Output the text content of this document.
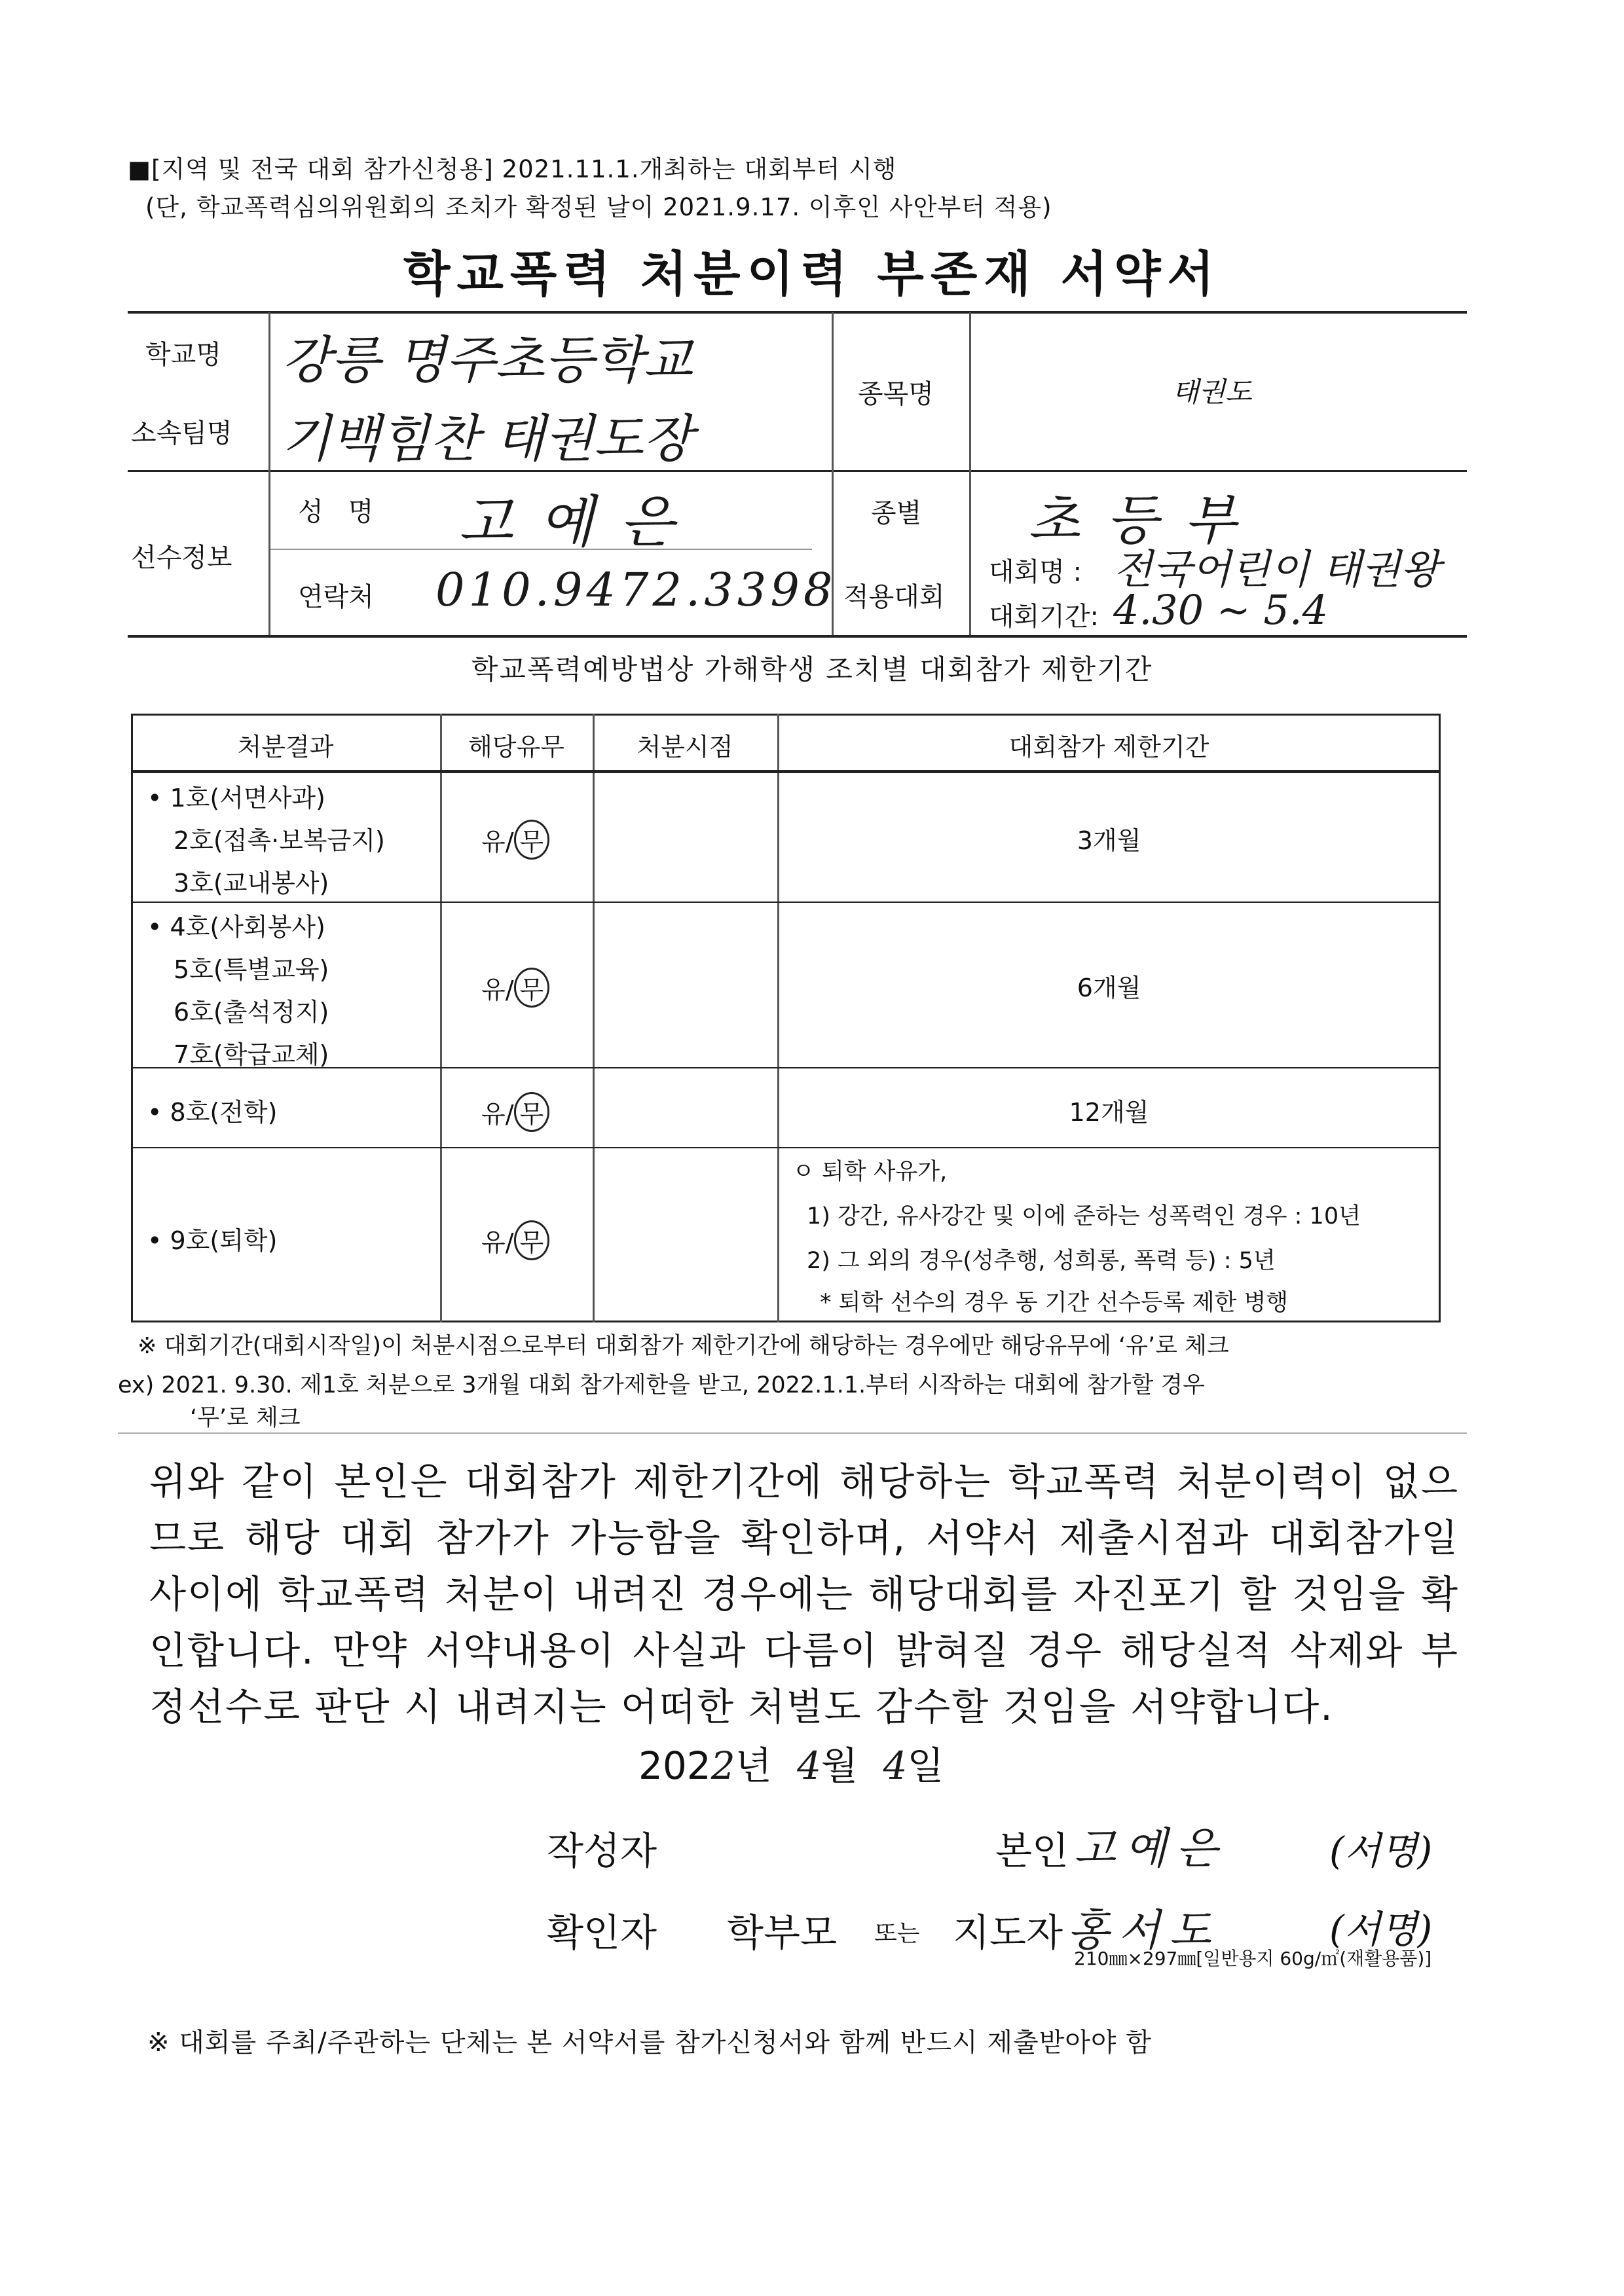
■[지역 및 전국 대회 참가신청용] 2021.11.1.개최하는 대회부터 시행
(단, 학교폭력심의위원회의 조치가 확정된 날이 2021.9.17. 이후인 사안부터 적용)
학교폭력 처분이력 부존재 서약서
학교명 강릉 명주초등학교
소속팀명 기백힘찬 태권도장
종목명	태권도
선수정보
성   명 고예은	종별 초등부
연락처 010.9472.3398 적용대회
대회명 : 전국어린이 태권왕
대회기간: 4.30 ~ 5.4
학교폭력예방법상 가해학생 조치별 대회참가 제한기간
처분결과	해당유무	처분시점	대회참가 제한기간
• 1호(서면사과)
2호(접촉·보복금지)
3호(교내봉사)
유/ 무	3개월
• 4호(사회봉사)
5호(특별교육)
6호(출석정지)
7호(학급교체)
유/ 무	6개월
• 8호(전학)	유/ 무	12개월
• 9호(퇴학)	유/ 무
ㅇ 퇴학 사유가,
1) 강간, 유사강간 및 이에 준하는 성폭력인 경우 : 10년
2) 그 외의 경우(성추행, 성희롱, 폭력 등) : 5년
* 퇴학 선수의 경우 동 기간 선수등록 제한 병행
※ 대회기간(대회시작일)이 처분시점으로부터 대회참가 제한기간에 해당하는 경우에만 해당유무에 ‘유’로 체크
ex) 2021. 9.30. 제1호 처분으로 3개월 대회 참가제한을 받고, 2022.1.1.부터 시작하는 대회에 참가할 경우
‘무’로 체크
위와 같이 본인은 대회참가 제한기간에 해당하는 학교폭력 처분이력이 없으므로 해당 대회 참가가 가능함을 확인하며, 서약서 제출시점과 대회참가일 사이에 학교폭력 처분이 내려진 경우에는 해당대회를 자진포기 할 것임을 확인합니다. 만약 서약내용이 사실과 다름이 밝혀질 경우 해당실적 삭제와 부정선수로 판단 시 내려지는 어떠한 처벌도 감수할 것임을 서약합니다.
2022년 4월 4일
작성자	본인 고예은	(서명)
확인자 학부모 또는 지도자 홍서도	(서명)
210㎜×297㎜[일반용지 60g/㎡(재활용품)]
※ 대회를 주최/주관하는 단체는 본 서약서를 참가신청서와 함께 반드시 제출받아야 함
